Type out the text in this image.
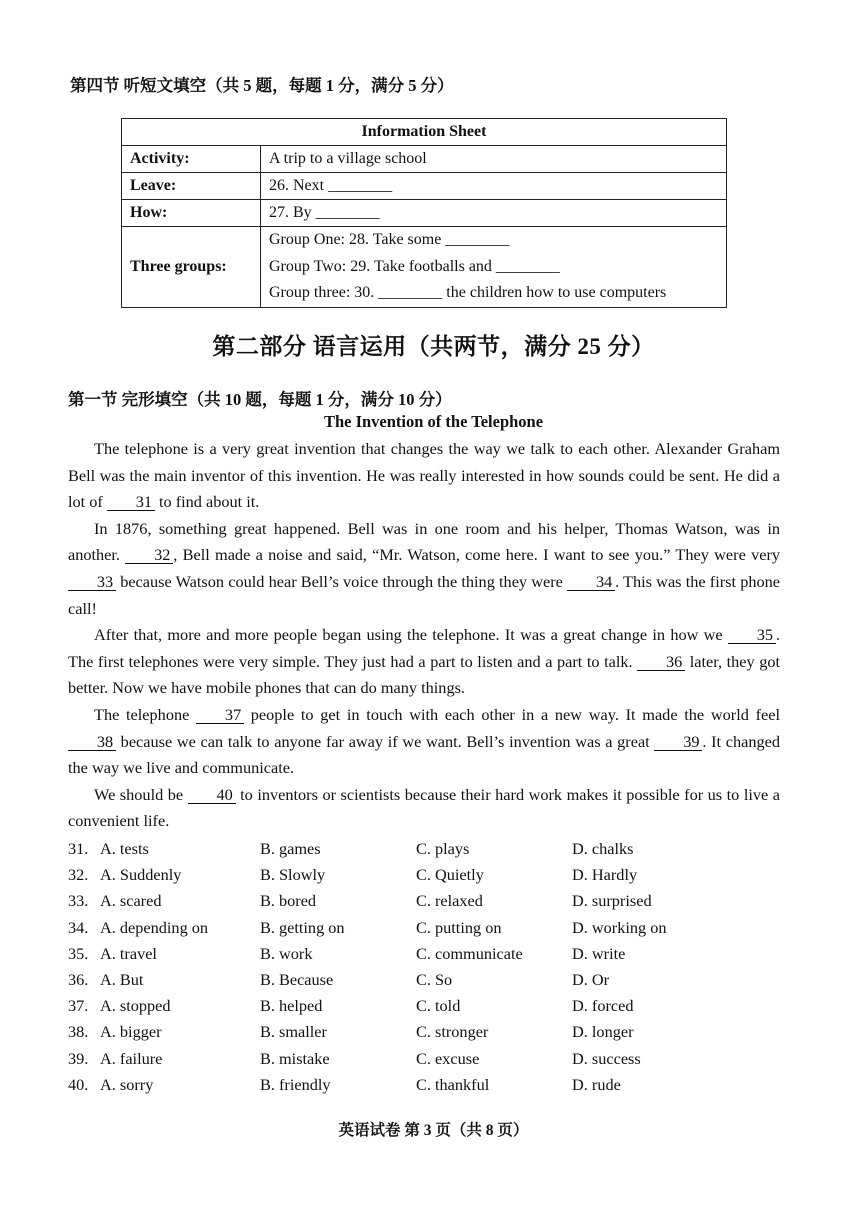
第四节 听短文填空（共 5 题，每题 1 分，满分 5 分）
Information Sheet	
Activity:	A trip to a village school
Leave:	26. Next ________
How:	27. By ________
Three groups:	Group One: 28. Take some ________
Group Two: 29. Take footballs and ________
Group three: 30. ________ the children how to use computers
第二部分 语言运用（共两节，满分 25 分）
第一节 完形填空（共 10 题，每题 1 分，满分 10 分）
The Invention of the Telephone

The telephone is a very great invention that changes the way we talk to each other. Alexander Graham Bell was the main inventor of this invention. He was really interested in how sounds could be sent. He did a lot of 31 to find about it.

In 1876, something great happened. Bell was in one room and his helper, Thomas Watson, was in another. 32 , Bell made a noise and said, “Mr. Watson, come here. I want to see you.” They were very 33 because Watson could hear Bell’s voice through the thing they were 34 . This was the first phone call!

After that, more and more people began using the telephone. It was a great change in how we 35 . The first telephones were very simple. They just had a part to listen and a part to talk. 36 later, they got better. Now we have mobile phones that can do many things.

The telephone 37 people to get in touch with each other in a new way. It made the world feel 38 because we can talk to anyone far away if we want. Bell’s invention was a great 39 . It changed the way we live and communicate.

We should be 40 to inventors or scientists because their hard work makes it possible for us to live a convenient life.

31. A. tests	B. games	C. plays	D. chalks
32. A. Suddenly	B. Slowly	C. Quietly	D. Hardly
33. A. scared	B. bored	C. relaxed	D. surprised
34. A. depending on	B. getting on	C. putting on	D. working on
35. A. travel	B. work	C. communicate	D. write
36. A. But	B. Because	C. So	D. Or
37. A. stopped	B. helped	C. told	D. forced
38. A. bigger	B. smaller	C. stronger	D. longer
39. A. failure	B. mistake	C. excuse	D. success
40. A. sorry	B. friendly	C. thankful	D. rude
英语试卷 第 3 页（共 8 页）
